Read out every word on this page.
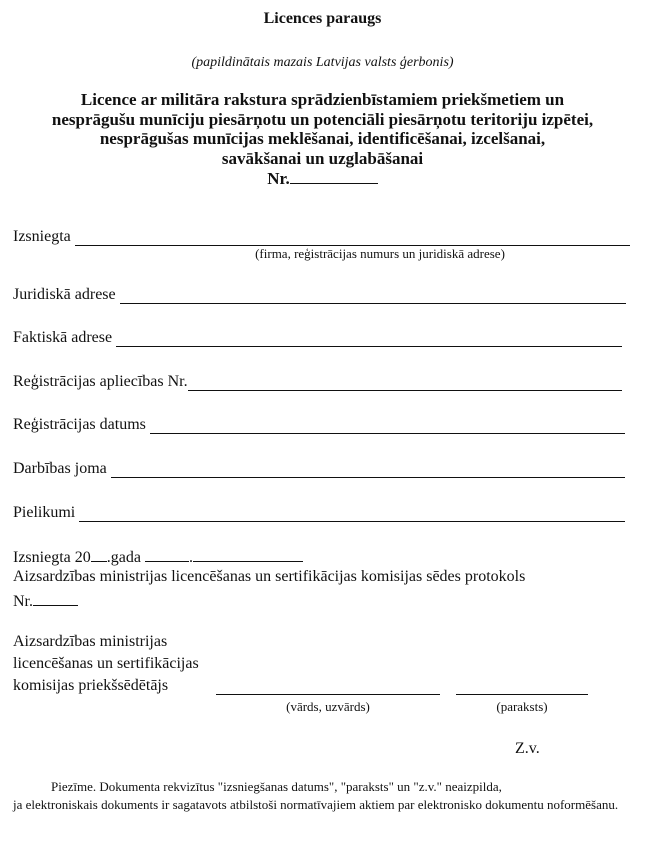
Licences paraugs
(papildinātais mazais Latvijas valsts ģerbonis)
Licence ar militāra rakstura sprādzienbīstamiem priekšmetiem un
nesprāgušu munīciju piesārņotu un potenciāli piesārņotu teritoriju izpētei,
nesprāgušas munīcijas meklēšanai, identificēšanai, izcelšanai,
savākšanai un uzglabāšanai
Nr.
Izsniegta
(firma, reģistrācijas numurs un juridiskā adrese)
Juridiskā adrese
Faktiskā adrese
Reģistrācijas apliecības Nr.
Reģistrācijas datums
Darbības joma
Pielikumi
Izsniegta 20 .gada	.
Aizsardzības ministrijas licencēšanas un sertifikācijas komisijas sēdes protokols
Nr.
Aizsardzības ministrijas
licencēšanas un sertifikācijas
komisijas priekšsēdētājs
(vārds, uzvārds)	(paraksts)
Z.v.
Piezīme. Dokumenta rekvizītus "izsniegšanas datums", "paraksts" un "z.v." neaizpilda,
ja elektroniskais dokuments ir sagatavots atbilstoši normatīvajiem aktiem par elektronisko dokumentu noformēšanu.
